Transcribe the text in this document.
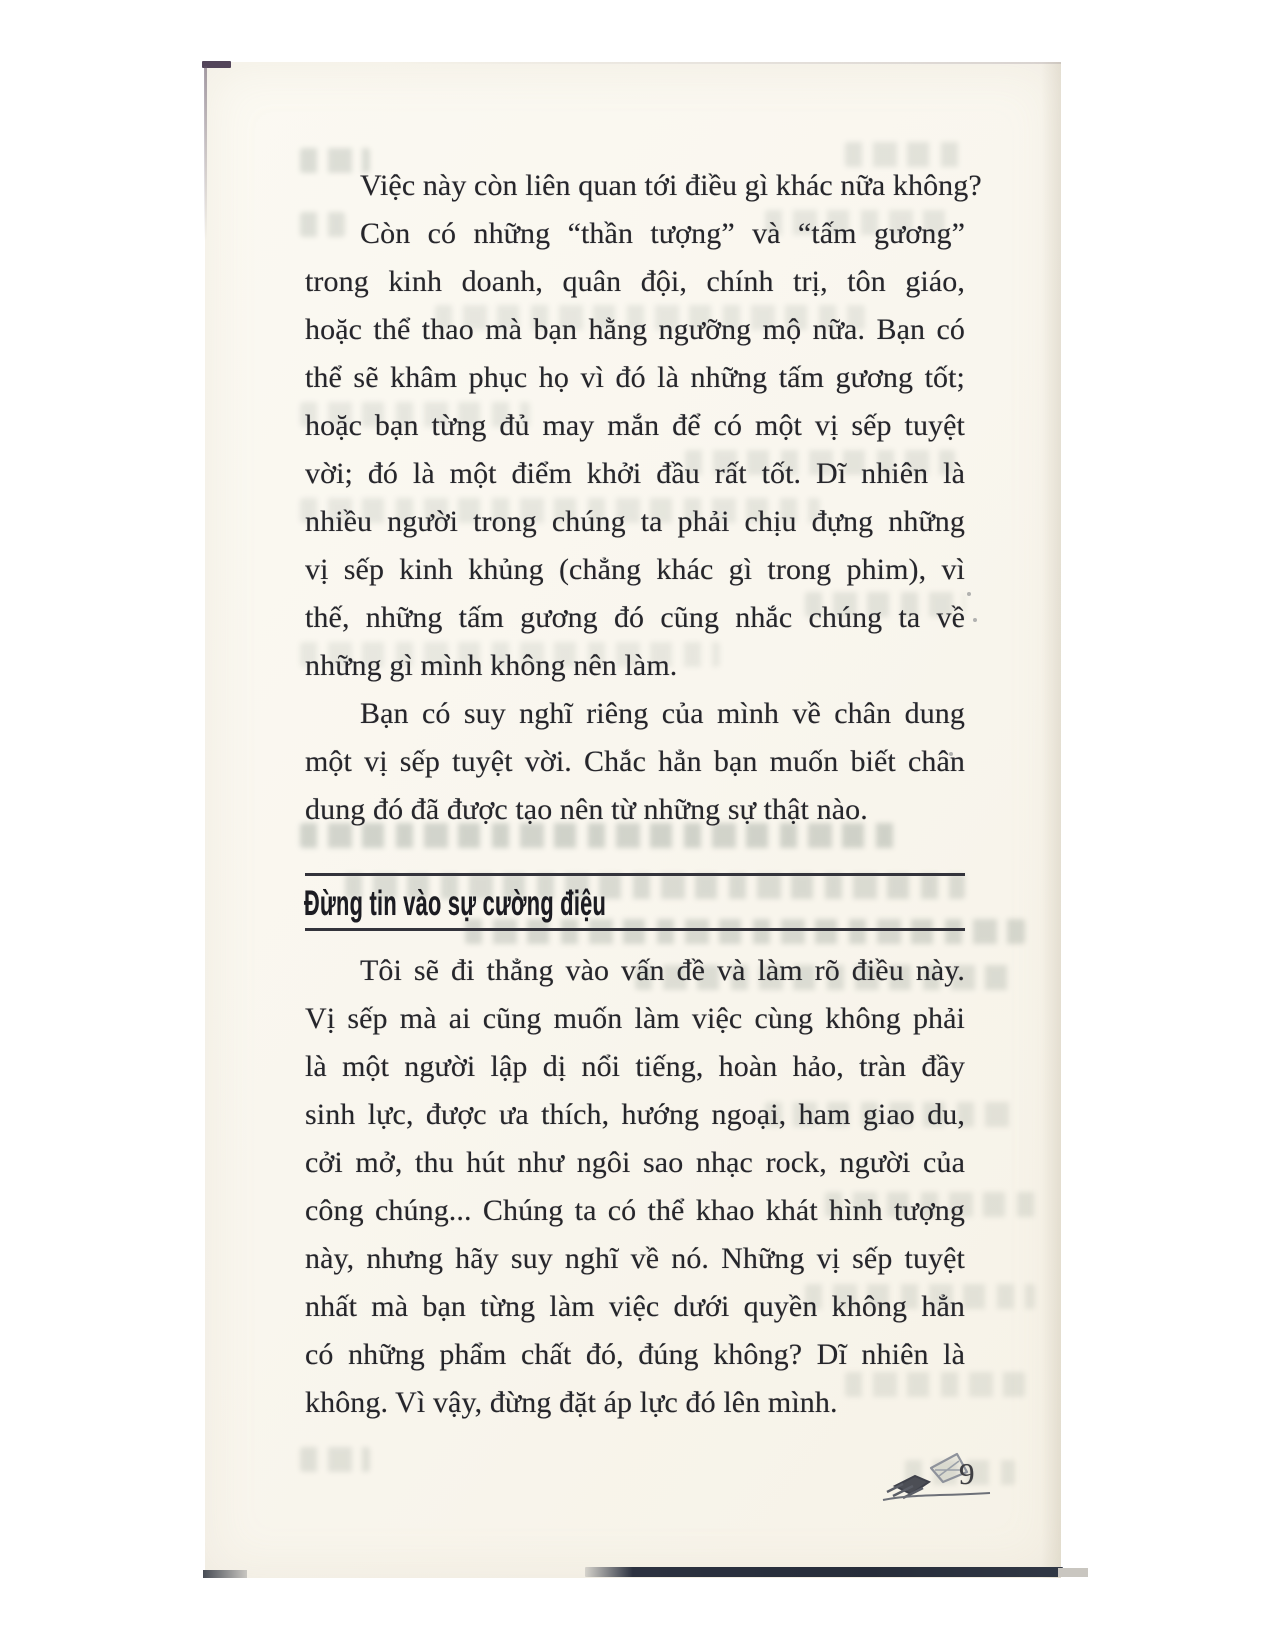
Việc này còn liên quan tới điều gì khác nữa không?
Còn có những “thần tượng” và “tấm gương”
trong kinh doanh, quân đội, chính trị, tôn giáo,
hoặc thể thao mà bạn hằng ngưỡng mộ nữa. Bạn có
thể sẽ khâm phục họ vì đó là những tấm gương tốt;
hoặc bạn từng đủ may mắn để có một vị sếp tuyệt
vời; đó là một điểm khởi đầu rất tốt. Dĩ nhiên là
nhiều người trong chúng ta phải chịu đựng những
vị sếp kinh khủng (chẳng khác gì trong phim), vì
thế, những tấm gương đó cũng nhắc chúng ta về
những gì mình không nên làm.
Bạn có suy nghĩ riêng của mình về chân dung
một vị sếp tuyệt vời. Chắc hẳn bạn muốn biết chân
dung đó đã được tạo nên từ những sự thật nào.
Đừng tin vào sự cường điệu
Tôi sẽ đi thẳng vào vấn đề và làm rõ điều này.
Vị sếp mà ai cũng muốn làm việc cùng không phải
là một người lập dị nổi tiếng, hoàn hảo, tràn đầy
sinh lực, được ưa thích, hướng ngoại, ham giao du,
cởi mở, thu hút như ngôi sao nhạc rock, người của
công chúng... Chúng ta có thể khao khát hình tượng
này, nhưng hãy suy nghĩ về nó. Những vị sếp tuyệt
nhất mà bạn từng làm việc dưới quyền không hẳn
có những phẩm chất đó, đúng không? Dĩ nhiên là
không. Vì vậy, đừng đặt áp lực đó lên mình.
9
